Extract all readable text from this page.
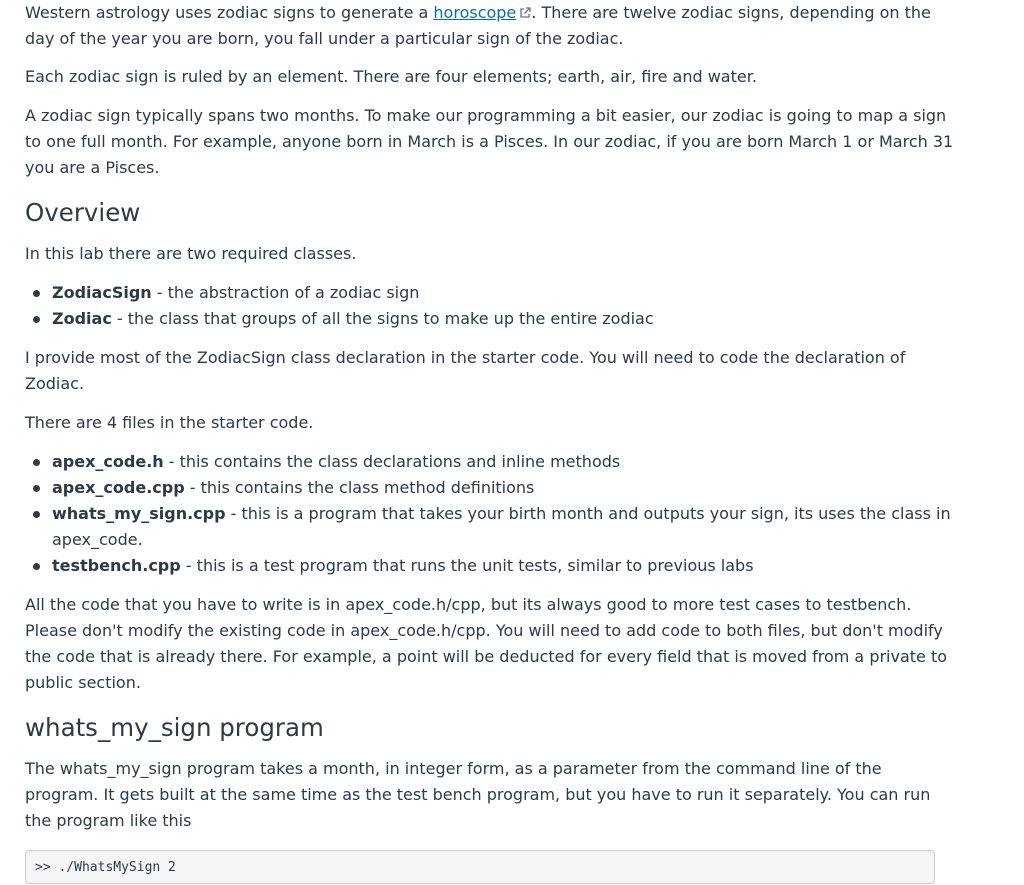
Western astrology uses zodiac signs to generate a horoscope . There are twelve zodiac signs, depending on the day of the year you are born, you fall under a particular sign of the zodiac.

Each zodiac sign is ruled by an element. There are four elements; earth, air, fire and water.

A zodiac sign typically spans two months. To make our programming a bit easier, our zodiac is going to map a sign to one full month. For example, anyone born in March is a Pisces. In our zodiac, if you are born March 1 or March 31 you are a Pisces.

Overview

In this lab there are two required classes.

ZodiacSign - the abstraction of a zodiac sign
Zodiac - the class that groups of all the signs to make up the entire zodiac

I provide most of the ZodiacSign class declaration in the starter code. You will need to code the declaration of Zodiac.

There are 4 files in the starter code.

apex_code.h - this contains the class declarations and inline methods
apex_code.cpp - this contains the class method definitions
whats_my_sign.cpp - this is a program that takes your birth month and outputs your sign, its uses the class in apex_code.
testbench.cpp - this is a test program that runs the unit tests, similar to previous labs

All the code that you have to write is in apex_code.h/cpp, but its always good to more test cases to testbench. Please don't modify the existing code in apex_code.h/cpp. You will need to add code to both files, but don't modify the code that is already there. For example, a point will be deducted for every field that is moved from a private to public section.

whats_my_sign program

The whats_my_sign program takes a month, in integer form, as a parameter from the command line of the program. It gets built at the same time as the test bench program, but you have to run it separately. You can run the program like this

>> ./WhatsMySign 2
